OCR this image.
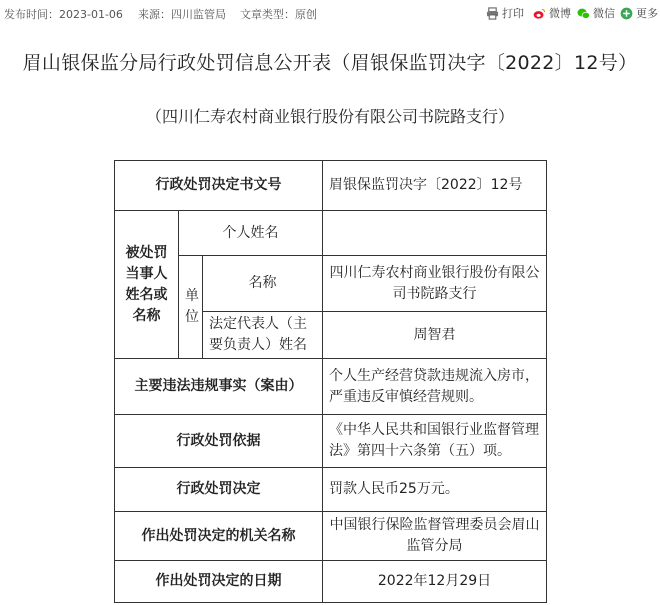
发布时间：2023-01-06 来源：四川监管局 文章类型：原创	打印 微博 微信 更多
眉山银保监分局行政处罚信息公开表（眉银保监罚决字〔2022〕12号）
（四川仁寿农村商业银行股份有限公司书院路支行）
行政处罚决定书文号			眉银保监罚决字〔2022〕12号
被处罚当事人姓名或名称	个人姓名		
	单位	名称	四川仁寿农村商业银行股份有限公司书院路支行
		法定代表人（主要负责人）姓名	周智君
主要违法违规事实（案由）			个人生产经营贷款违规流入房市，严重违反审慎经营规则。
行政处罚依据			《中华人民共和国银行业监督管理法》第四十六条第（五）项。
行政处罚决定			罚款人民币25万元。
作出处罚决定的机关名称			中国银行保险监督管理委员会眉山监管分局
作出处罚决定的日期			2022年12月29日
